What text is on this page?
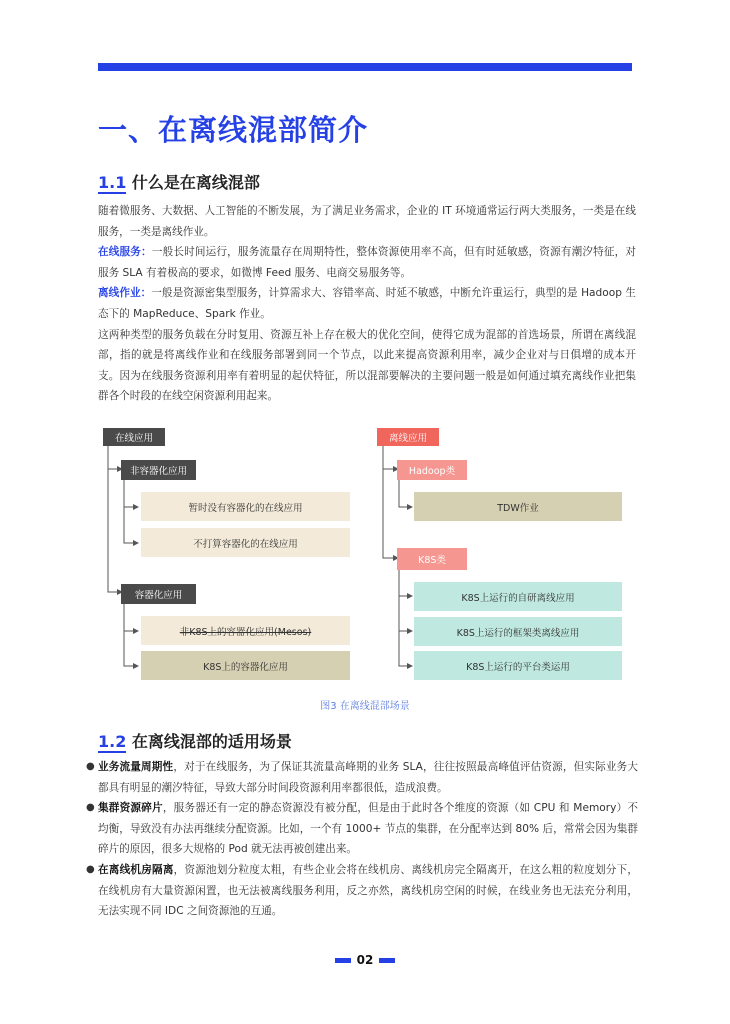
一、在离线混部简介
1.1 什么是在离线混部
随着微服务、大数据、人工智能的不断发展，为了满足业务需求，企业的 IT 环境通常运行两大类服务，一类是在线服务，一类是离线作业。
在线服务：一般长时间运行，服务流量存在周期特性，整体资源使用率不高，但有时延敏感，资源有潮汐特征，对服务 SLA 有着极高的要求，如微博 Feed 服务、电商交易服务等。
离线作业：一般是资源密集型服务，计算需求大、容错率高、时延不敏感，中断允许重运行，典型的是 Hadoop 生态下的 MapReduce、Spark 作业。
这两种类型的服务负载在分时复用、资源互补上存在极大的优化空间，使得它成为混部的首选场景，所谓在离线混部，指的就是将离线作业和在线服务部署到同一个节点，以此来提高资源利用率，减少企业对与日俱增的成本开支。因为在线服务资源利用率有着明显的起伏特征，所以混部要解决的主要问题一般是如何通过填充离线作业把集群各个时段的在线空闲资源利用起来。
在线应用
非容器化应用
暂时没有容器化的在线应用
不打算容器化的在线应用
容器化应用
非K8S上的容器化应用(Mesos)
K8S上的容器化应用
离线应用
Hadoop类
TDW作业
K8S类
K8S上运行的自研离线应用
K8S上运行的框架类离线应用
K8S上运行的平台类运用
图3 在离线混部场景
1.2 在离线混部的适用场景
● 业务流量周期性，对于在线服务，为了保证其流量高峰期的业务 SLA，往往按照最高峰值评估资源，但实际业务大都具有明显的潮汐特征，导致大部分时间段资源利用率都很低，造成浪费。
● 集群资源碎片，服务器还有一定的静态资源没有被分配，但是由于此时各个维度的资源（如 CPU 和 Memory）不均衡，导致没有办法再继续分配资源。比如，一个有 1000+ 节点的集群，在分配率达到 80% 后，常常会因为集群碎片的原因，很多大规格的 Pod 就无法再被创建出来。
● 在离线机房隔离，资源池划分粒度太粗，有些企业会将在线机房、离线机房完全隔离开，在这么粗的粒度划分下，在线机房有大量资源闲置，也无法被离线服务利用，反之亦然，离线机房空闲的时候，在线业务也无法充分利用，无法实现不同 IDC 之间资源池的互通。
02
